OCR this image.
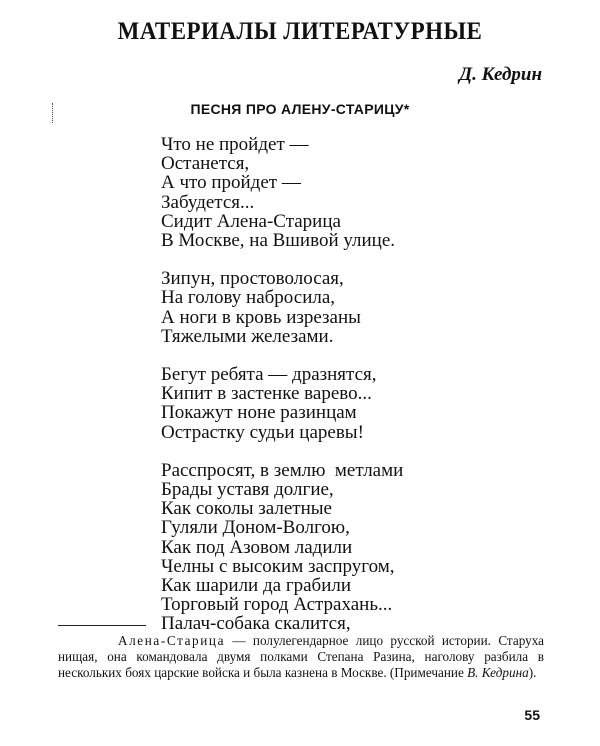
МАТЕРИАЛЫ ЛИТЕРАТУРНЫЕ
Д. Кедрин
ПЕСНЯ ПРО АЛЕНУ-СТАРИЦУ*
Что не пройдет —
Останется,
А что пройдет —
Забудется...
Сидит Алена-Старица
В Москве, на Вшивой улице.
Зипун, простоволосая,
На голову набросила,
А ноги в кровь изрезаны
Тяжелыми железами.
Бегут ребята — дразнятся,
Кипит в застенке варево...
Покажут ноне разинцам
Острастку судьи царевы!
Расспросят, в землю  метлами
Брады уставя долгие,
Как соколы залетные
Гуляли Доном-Волгою,
Как под Азовом ладили
Челны с высоким заспругом,
Как шарили да грабили
Торговый город Астрахань...
Палач-собака скалится,
Алена-Старица — полулегендарное лицо русской истории. Старуха нищая, она командовала двумя полками Степана Разина, наголову разбила в нескольких боях царские войска и была казнена в Москве. (Примечание В. Кедрина).
55
